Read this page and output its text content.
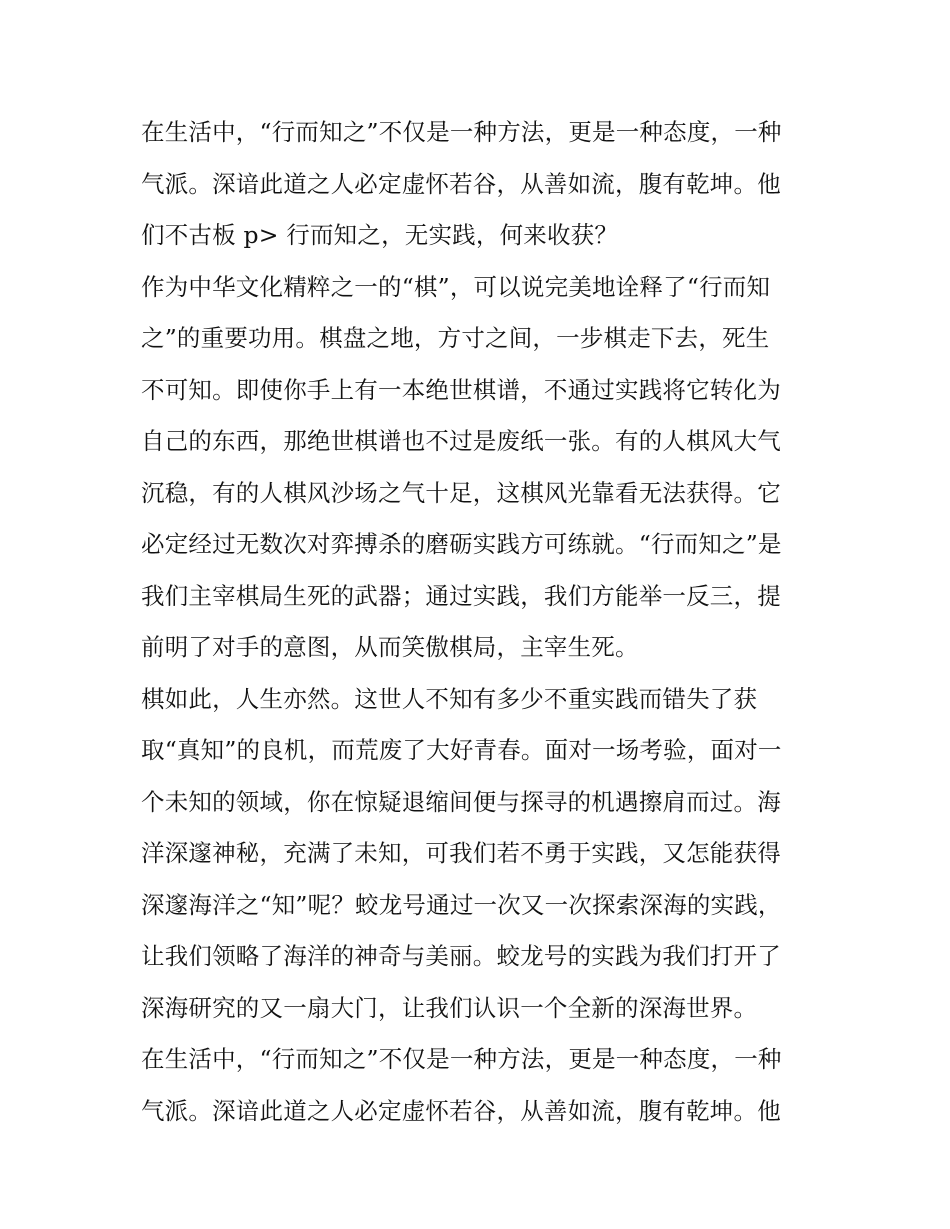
在生活中，“行而知之”不仅是一种方法，更是一种态度，一种
气派。深谙此道之人必定虚怀若谷，从善如流，腹有乾坤。他
们不古板 p> 行而知之，无实践，何来收获？
作为中华文化精粹之一的“棋”，可以说完美地诠释了“行而知
之”的重要功用。棋盘之地，方寸之间，一步棋走下去，死生
不可知。即使你手上有一本绝世棋谱，不通过实践将它转化为
自己的东西，那绝世棋谱也不过是废纸一张。有的人棋风大气
沉稳，有的人棋风沙场之气十足，这棋风光靠看无法获得。它
必定经过无数次对弈搏杀的磨砺实践方可练就。“行而知之”是
我们主宰棋局生死的武器；通过实践，我们方能举一反三，提
前明了对手的意图，从而笑傲棋局，主宰生死。
棋如此，人生亦然。这世人不知有多少不重实践而错失了获
取“真知”的良机，而荒废了大好青春。面对一场考验，面对一
个未知的领域，你在惊疑退缩间便与探寻的机遇擦肩而过。海
洋深邃神秘，充满了未知，可我们若不勇于实践，又怎能获得
深邃海洋之“知”呢？蛟龙号通过一次又一次探索深海的实践，
让我们领略了海洋的神奇与美丽。蛟龙号的实践为我们打开了
深海研究的又一扇大门，让我们认识一个全新的深海世界。
在生活中，“行而知之”不仅是一种方法，更是一种态度，一种
气派。深谙此道之人必定虚怀若谷，从善如流，腹有乾坤。他
